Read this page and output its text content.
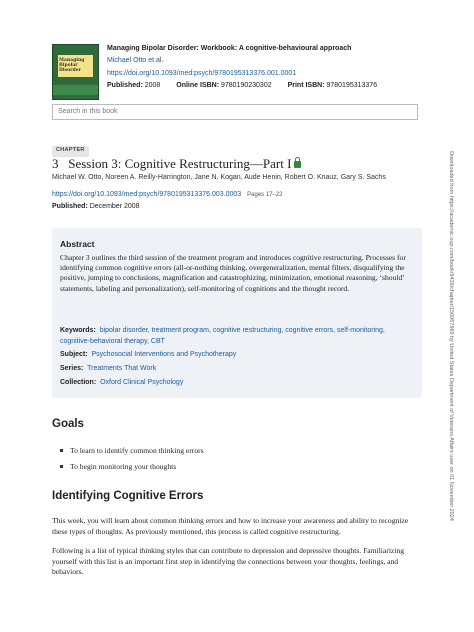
Managing Bipolar Disorder
Managing Bipolar Disorder: Workbook: A cognitive-behavioural approach
Michael Otto et al.
https://doi.org/10.1093/med:psych/9780195313376.001.0001
Published: 2008 Online ISBN: 9780190230302 Print ISBN: 9780195313376
Search in this book
CHAPTER
3 Session 3: Cognitive Restructuring—Part I
Michael W. Otto, Noreen A. Reilly-Harrington, Jane N. Kogan, Aude Henin, Robert O. Knauz, Gary S. Sachs
https://doi.org/10.1093/med:psych/9780195313376.003.0003 Pages 17–22
Published: December 2008
Abstract
Chapter 3 outlines the third session of the treatment program and introduces cognitive restructuring. Processes for identifying common cognitive errors (all-or-nothing thinking, overgeneralization, mental filters, disqualifying the positive, jumping to conclusions, magnification and catastrophizing, minimization, emotional reasoning, ‘should’ statements, labeling and personalization), self-monitoring of cognitions and the thought record.
Keywords: bipolar disorder, treatment program, cognitive restructuring, cognitive errors, self-monitoring, cognitive-behavioral therapy, CBT
Subject: Psychosocial Interventions and Psychotherapy
Series: Treatments That Work
Collection: Oxford Clinical Psychology
Goals
To learn to identify common thinking errors
To begin monitoring your thoughts
Identifying Cognitive Errors
This week, you will learn about common thinking errors and how to increase your awareness and ability to recognize these types of thoughts. As previously mentioned, this process is called cognitive restructuring.
Following is a list of typical thinking styles that can contribute to depression and depressive thoughts. Familiarizing yourself with this list is an important first step in identifying the connections between your thoughts, feelings, and behaviors.
Downloaded from https://academic.oup.com/book/9439/chapter/156067989 by United States Department of Veterans Affairs user on 01 November 2024
